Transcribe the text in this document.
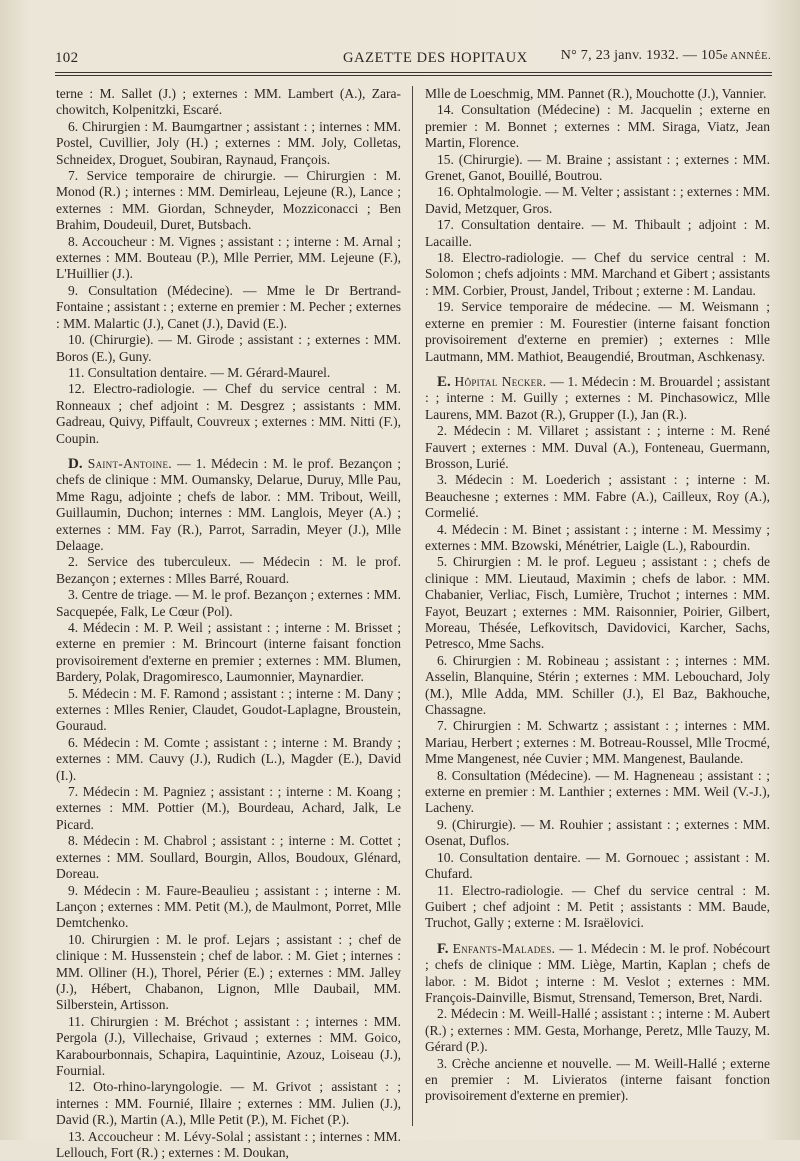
102	GAZETTE DES HOPITAUX N° 7, 23 janv. 1932. — 105e ANNÉE.

terne : M. Sallet (J.) ; externes : MM. Lambert (A.), Zara-chowitch, Kolpenitzki, Escaré.

6. Chirurgien : M. Baumgartner ; assistant : ; internes : MM. Postel, Cuvillier, Joly (H.) ; externes : MM. Joly, Colletas, Schneidex, Droguet, Soubiran, Raynaud, François.

7. Service temporaire de chirurgie. — Chirurgien : M. Monod (R.) ; internes : MM. Demirleau, Lejeune (R.), Lance ; externes : MM. Giordan, Schneyder, Mozziconacci ; Ben Brahim, Doudeuil, Duret, Butsbach.

8. Accoucheur : M. Vignes ; assistant : ; interne : M. Arnal ; externes : MM. Bouteau (P.), Mlle Perrier, MM. Lejeune (F.), L'Huillier (J.).

9. Consultation (Médecine). — Mme le Dr Bertrand-Fontaine ; assistant : ; externe en premier : M. Pecher ; externes : MM. Malartic (J.), Canet (J.), David (E.).

10. (Chirurgie). — M. Girode ; assistant : ; externes : MM. Boros (E.), Guny.

11. Consultation dentaire. — M. Gérard-Maurel.

12. Electro-radiologie. — Chef du service central : M. Ronneaux ; chef adjoint : M. Desgrez ; assistants : MM. Gadreau, Quivy, Piffault, Couvreux ; externes : MM. Nitti (F.), Coupin.

D. Saint-Antoine. — 1. Médecin : M. le prof. Bezançon ; chefs de clinique : MM. Oumansky, Delarue, Duruy, Mlle Pau, Mme Ragu, adjointe ; chefs de labor. : MM. Tribout, Weill, Guillaumin, Duchon; internes : MM. Langlois, Meyer (A.) ; externes : MM. Fay (R.), Parrot, Sarradin, Meyer (J.), Mlle Delaage.

2. Service des tuberculeux. — Médecin : M. le prof. Bezançon ; externes : Mlles Barré, Rouard.

3. Centre de triage. — M. le prof. Bezançon ; externes : MM. Sacquepée, Falk, Le Cœur (Pol).

4. Médecin : M. P. Weil ; assistant : ; interne : M. Brisset ; externe en premier : M. Brincourt (interne faisant fonction provisoirement d'externe en premier ; externes : MM. Blumen, Bardery, Polak, Dragomiresco, Laumonnier, Maynardier.

5. Médecin : M. F. Ramond ; assistant : ; interne : M. Dany ; externes : Mlles Renier, Claudet, Goudot-Laplagne, Broustein, Gouraud.

6. Médecin : M. Comte ; assistant : ; interne : M. Brandy ; externes : MM. Cauvy (J.), Rudich (L.), Magder (E.), David (I.).

7. Médecin : M. Pagniez ; assistant : ; interne : M. Koang ; externes : MM. Pottier (M.), Bourdeau, Achard, Jalk, Le Picard.

8. Médecin : M. Chabrol ; assistant : ; interne : M. Cottet ; externes : MM. Soullard, Bourgin, Allos, Boudoux, Glénard, Doreau.

9. Médecin : M. Faure-Beaulieu ; assistant : ; interne : M. Lançon ; externes : MM. Petit (M.), de Maulmont, Porret, Mlle Demtchenko.

10. Chirurgien : M. le prof. Lejars ; assistant : ; chef de clinique : M. Hussenstein ; chef de labor. : M. Giet ; internes : MM. Olliner (H.), Thorel, Périer (E.) ; externes : MM. Jalley (J.), Hébert, Chabanon, Lignon, Mlle Daubail, MM. Silberstein, Artisson.

11. Chirurgien : M. Bréchot ; assistant : ; internes : MM. Pergola (J.), Villechaise, Grivaud ; externes : MM. Goico, Karabourbonnais, Schapira, Laquintinie, Azouz, Loiseau (J.), Fournial.

12. Oto-rhino-laryngologie. — M. Grivot ; assistant : ; internes : MM. Fournié, Illaire ; externes : MM. Julien (J.), David (R.), Martin (A.), Mlle Petit (P.), M. Fichet (P.).

13. Accoucheur : M. Lévy-Solal ; assistant : ; internes : MM. Lellouch, Fort (R.) ; externes : M. Doukan,

Mlle de Loeschmig, MM. Pannet (R.), Mouchotte (J.), Vannier.

14. Consultation (Médecine) : M. Jacquelin ; externe en premier : M. Bonnet ; externes : MM. Siraga, Viatz, Jean Martin, Florence.

15. (Chirurgie). — M. Braine ; assistant : ; externes : MM. Grenet, Ganot, Bouillé, Boutrou.

16. Ophtalmologie. — M. Velter ; assistant : ; externes : MM. David, Metzquer, Gros.

17. Consultation dentaire. — M. Thibault ; adjoint : M. Lacaille.

18. Electro-radiologie. — Chef du service central : M. Solomon ; chefs adjoints : MM. Marchand et Gibert ; assistants : MM. Corbier, Proust, Jandel, Tribout ; externe : M. Landau.

19. Service temporaire de médecine. — M. Weismann ; externe en premier : M. Fourestier (interne faisant fonction provisoirement d'externe en premier) ; externes : Mlle Lautmann, MM. Mathiot, Beaugendié, Broutman, Aschkenasy.

E. Hôpital Necker. — 1. Médecin : M. Brouardel ; assistant : ; interne : M. Guilly ; externes : M. Pinchasowicz, Mlle Laurens, MM. Bazot (R.), Grupper (I.), Jan (R.).

2. Médecin : M. Villaret ; assistant : ; interne : M. René Fauvert ; externes : MM. Duval (A.), Fonteneau, Guermann, Brosson, Lurié.

3. Médecin : M. Loederich ; assistant : ; interne : M. Beauchesne ; externes : MM. Fabre (A.), Cailleux, Roy (A.), Cormelié.

4. Médecin : M. Binet ; assistant : ; interne : M. Messimy ; externes : MM. Bzowski, Ménétrier, Laigle (L.), Rabourdin.

5. Chirurgien : M. le prof. Legueu ; assistant : ; chefs de clinique : MM. Lieutaud, Maximin ; chefs de labor. : MM. Chabanier, Verliac, Fisch, Lumière, Truchot ; internes : MM. Fayot, Beuzart ; externes : MM. Raisonnier, Poirier, Gilbert, Moreau, Thésée, Lefkovitsch, Davidovici, Karcher, Sachs, Petresco, Mme Sachs.

6. Chirurgien : M. Robineau ; assistant : ; internes : MM. Asselin, Blanquine, Stérin ; externes : MM. Lebouchard, Joly (M.), Mlle Adda, MM. Schiller (J.), El Baz, Bakhouche, Chassagne.

7. Chirurgien : M. Schwartz ; assistant : ; internes : MM. Mariau, Herbert ; externes : M. Botreau-Roussel, Mlle Trocmé, Mme Mangenest, née Cuvier ; MM. Mangenest, Baulande.

8. Consultation (Médecine). — M. Hagneneau ; assistant : ; externe en premier : M. Lanthier ; externes : MM. Weil (V.-J.), Lacheny.

9. (Chirurgie). — M. Rouhier ; assistant : ; externes : MM. Osenat, Duflos.

10. Consultation dentaire. — M. Gornouec ; assistant : M. Chufard.

11. Electro-radiologie. — Chef du service central : M. Guibert ; chef adjoint : M. Petit ; assistants : MM. Baude, Truchot, Gally ; externe : M. Israëlovici.

F. Enfants-Malades. — 1. Médecin : M. le prof. Nobécourt ; chefs de clinique : MM. Liège, Martin, Kaplan ; chefs de labor. : M. Bidot ; interne : M. Veslot ; externes : MM. François-Dainville, Bismut, Strensand, Temerson, Bret, Nardi.

2. Médecin : M. Weill-Hallé ; assistant : ; interne : M. Aubert (R.) ; externes : MM. Gesta, Morhange, Peretz, Mlle Tauzy, M. Gérard (P.).

3. Crèche ancienne et nouvelle. — M. Weill-Hallé ; externe en premier : M. Livieratos (interne faisant fonction provisoirement d'externe en premier).
